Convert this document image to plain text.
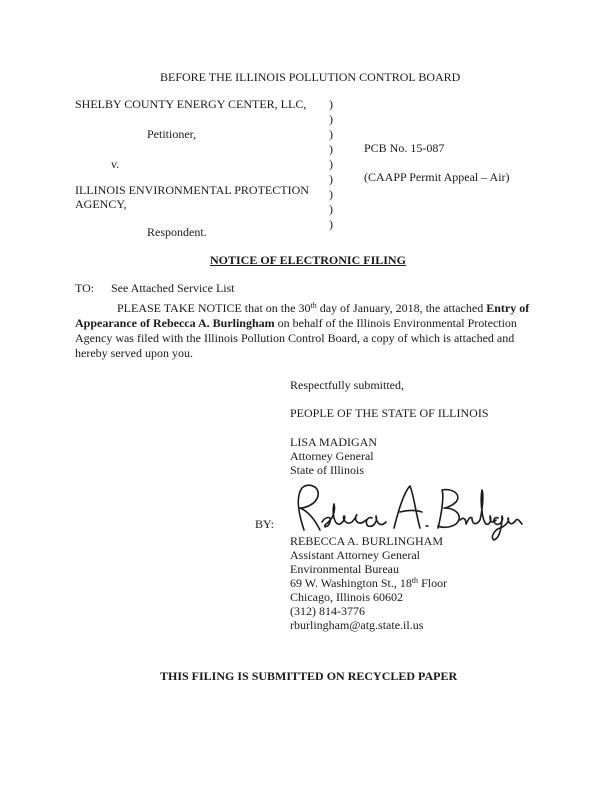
BEFORE THE ILLINOIS POLLUTION CONTROL BOARD
SHELBY COUNTY ENERGY CENTER, LLC,
Petitioner,
v.
ILLINOIS ENVIRONMENTAL PROTECTION
AGENCY,
Respondent.
)
)
)
)
)
)
)
)
)
PCB No. 15-087
(CAAPP Permit Appeal – Air)
NOTICE OF ELECTRONIC FILING
TO: See Attached Service List
PLEASE TAKE NOTICE that on the 30th day of January, 2018, the attached Entry of Appearance of Rebecca A. Burlingham on behalf of the Illinois Environmental Protection Agency was filed with the Illinois Pollution Control Board, a copy of which is attached and hereby served upon you.
Respectfully submitted,
PEOPLE OF THE STATE OF ILLINOIS
LISA MADIGAN
Attorney General
State of Illinois
BY:
REBECCA A. BURLINGHAM
Assistant Attorney General
Environmental Bureau
69 W. Washington St., 18th Floor
Chicago, Illinois 60602
(312) 814-3776
rburlingham@atg.state.il.us
THIS FILING IS SUBMITTED ON RECYCLED PAPER
